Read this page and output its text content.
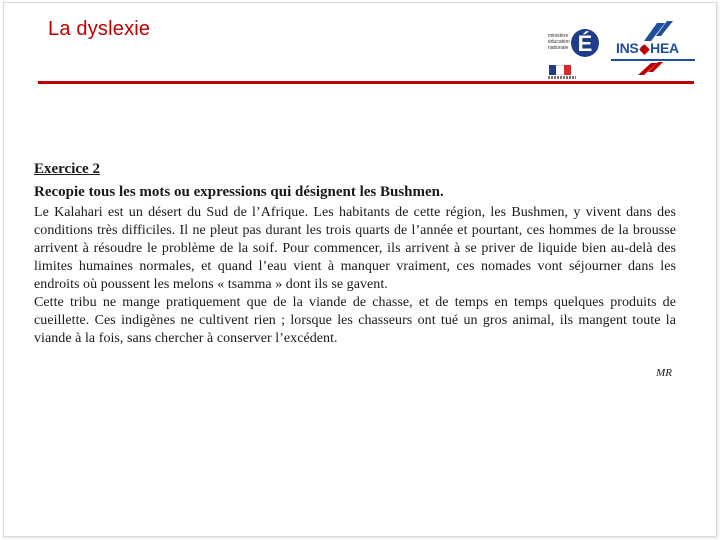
La dyslexie	ministère
éducation
nationale É	INS◆HEA

Exercice 2

Recopie tous les mots ou expressions qui désignent les Bushmen.

Le Kalahari est un désert du Sud de l’Afrique. Les habitants de cette région, les Bushmen, y vivent dans des conditions très difficiles. Il ne pleut pas durant les trois quarts de l’année et pourtant, ces hommes de la brousse arrivent à résoudre le problème de la soif. Pour commencer, ils arrivent à se priver de liquide bien au-delà des limites humaines normales, et quand l’eau vient à manquer vraiment, ces nomades vont séjourner dans les endroits où poussent les melons « tsamma » dont ils se gavent.

Cette tribu ne mange pratiquement que de la viande de chasse, et de temps en temps quelques produits de cueillette. Ces indigènes ne cultivent rien ; lorsque les chasseurs ont tué un gros animal, ils mangent toute la viande à la fois, sans chercher à conserver l’excédent.

MR
